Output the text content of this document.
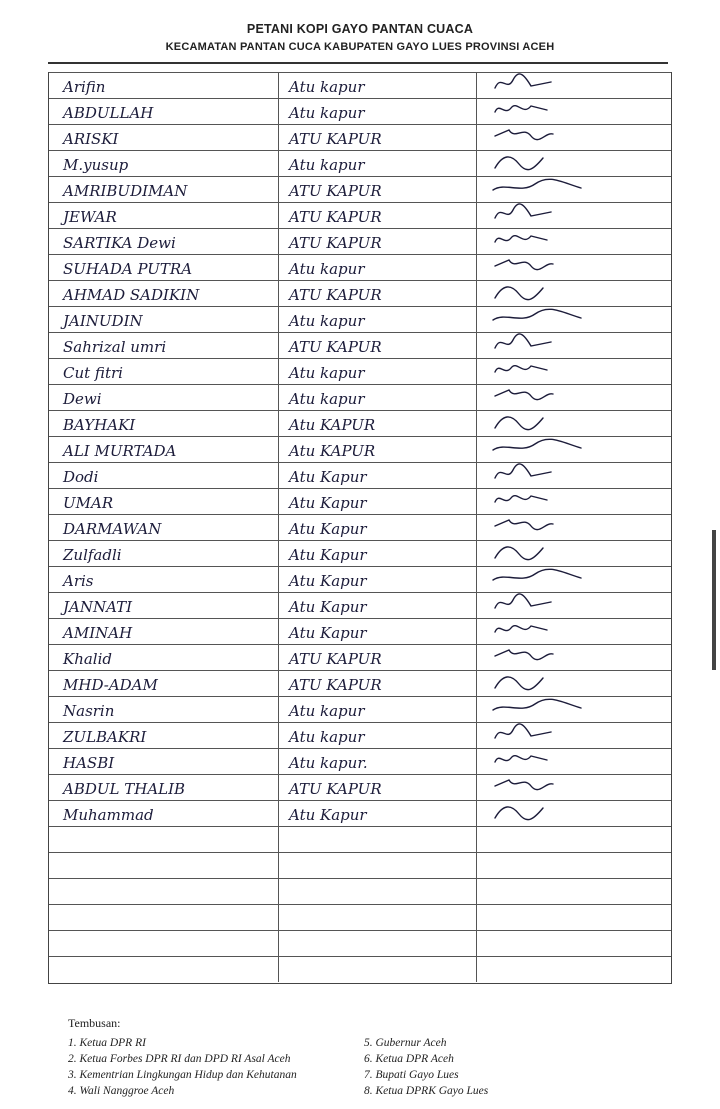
PETANI KOPI GAYO PANTAN CUACA
KECAMATAN PANTAN CUCA KABUPATEN GAYO LUES PROVINSI ACEH
Arifin	Atu kapur
ABDULLAH	Atu kapur
ARISKI	ATU KAPUR
M.yusup	Atu kapur
AMRIBUDIMAN	ATU KAPUR
JEWAR	ATU KAPUR
SARTIKA Dewi	ATU KAPUR
SUHADA PUTRA	Atu kapur
AHMAD SADIKIN	ATU KAPUR
JAINUDIN	Atu kapur
Sahrizal umri	ATU KAPUR
Cut fitri	Atu kapur
Dewi	Atu kapur
BAYHAKI	Atu KAPUR
ALI MURTADA	Atu KAPUR
Dodi	Atu Kapur
UMAR	Atu Kapur
DARMAWAN	Atu Kapur
Zulfadli	Atu Kapur
Aris	Atu Kapur
JANNATI	Atu Kapur
AMINAH	Atu Kapur
Khalid	ATU KAPUR
MHD-ADAM	ATU KAPUR
Nasrin	Atu kapur
ZULBAKRI	Atu kapur
HASBI	Atu kapur.
ABDUL THALIB	ATU KAPUR
Muhammad	Atu Kapur
Tembusan:
1. Ketua DPR RI
2. Ketua Forbes DPR RI dan DPD RI Asal Aceh
3. Kementrian Lingkungan Hidup dan Kehutanan
4. Wali Nanggroe Aceh
5. Gubernur Aceh
6. Ketua DPR Aceh
7. Bupati Gayo Lues
8. Ketua DPRK Gayo Lues
